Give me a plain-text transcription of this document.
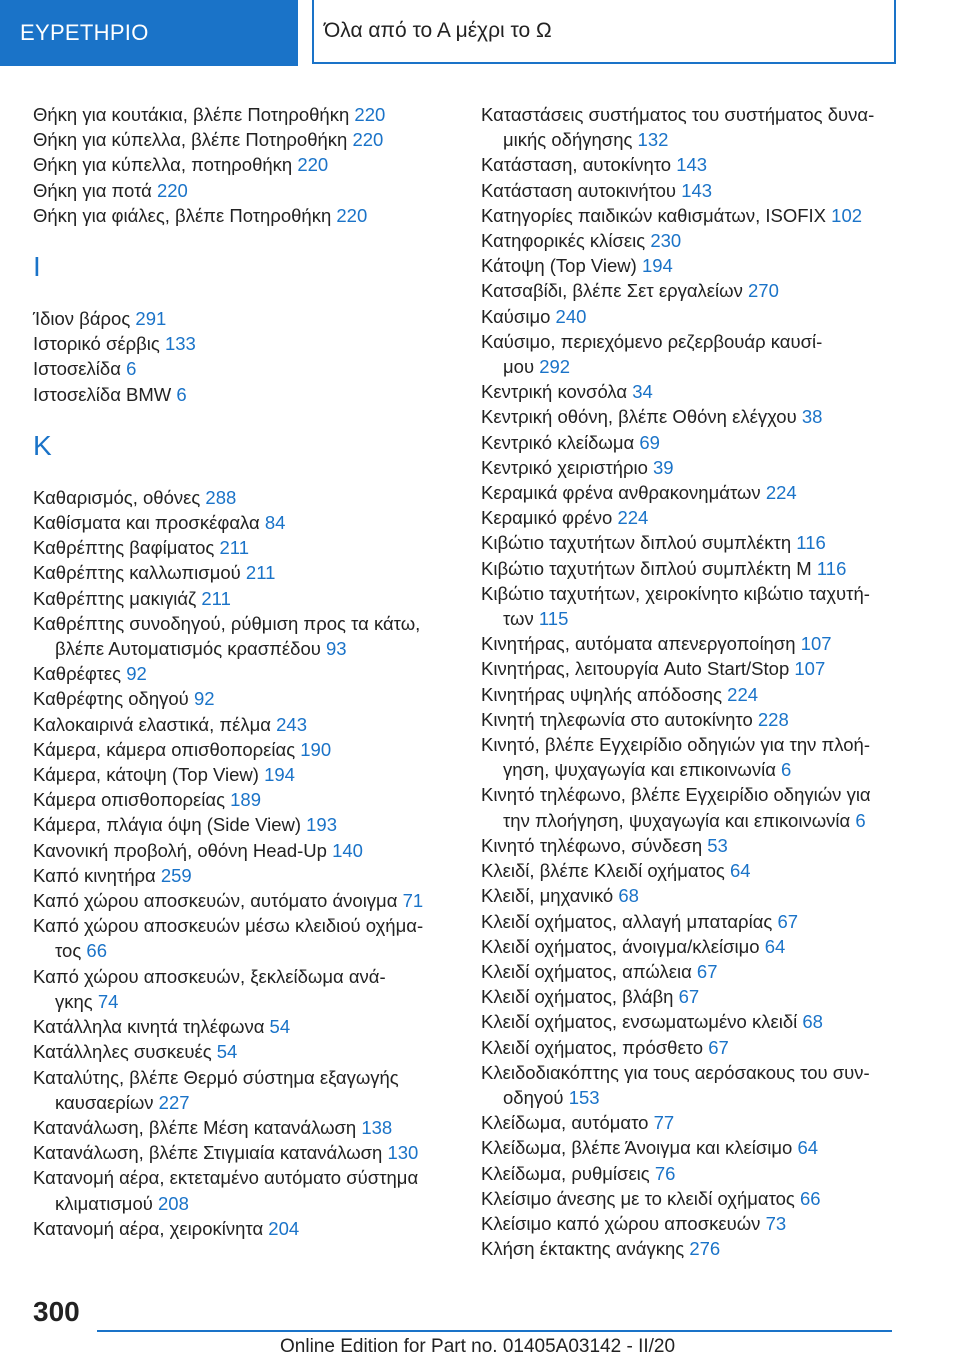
ΕΥΡΕΤΗΡΙΟ	Όλα από το Α μέχρι το Ω
Θήκη για κουτάκια, βλέπε Ποτηροθήκη 220
Θήκη για κύπελλα, βλέπε Ποτηροθήκη 220
Θήκη για κύπελλα, ποτηροθήκη 220
Θήκη για ποτά 220
Θήκη για φιάλες, βλέπε Ποτηροθήκη 220
Ι
Ίδιον βάρος 291
Ιστορικό σέρβις 133
Ιστοσελίδα 6
Ιστοσελίδα BMW 6
Κ
Καθαρισμός, οθόνες 288
Καθίσματα και προσκέφαλα 84
Καθρέπτης βαφίματος 211
Καθρέπτης καλλωπισμού 211
Καθρέπτης μακιγιάζ 211
Καθρέπτης συνοδηγού, ρύθμιση προς τα κάτω,
βλέπε Αυτοματισμός κρασπέδου 93
Καθρέφτες 92
Καθρέφτης οδηγού 92
Καλοκαιρινά ελαστικά, πέλμα 243
Κάμερα, κάμερα οπισθοπορείας 190
Κάμερα, κάτοψη (Top View) 194
Κάμερα οπισθοπορείας 189
Κάμερα, πλάγια όψη (Side View) 193
Κανονική προβολή, οθόνη Head-Up 140
Καπό κινητήρα 259
Καπό χώρου αποσκευών, αυτόματο άνοιγμα 71
Καπό χώρου αποσκευών μέσω κλειδιού οχήμα-
τος 66
Καπό χώρου αποσκευών, ξεκλείδωμα ανά-
γκης 74
Κατάλληλα κινητά τηλέφωνα 54
Κατάλληλες συσκευές 54
Καταλύτης, βλέπε Θερμό σύστημα εξαγωγής
καυσαερίων 227
Κατανάλωση, βλέπε Μέση κατανάλωση 138
Κατανάλωση, βλέπε Στιγμιαία κατανάλωση 130
Κατανομή αέρα, εκτεταμένο αυτόματο σύστημα
κλιματισμού 208
Κατανομή αέρα, χειροκίνητα 204
Καταστάσεις συστήματος του συστήματος δυνα-
μικής οδήγησης 132
Κατάσταση, αυτοκίνητο 143
Κατάσταση αυτοκινήτου 143
Κατηγορίες παιδικών καθισμάτων, ISOFIX 102
Κατηφορικές κλίσεις 230
Κάτοψη (Top View) 194
Κατσαβίδι, βλέπε Σετ εργαλείων 270
Καύσιμο 240
Καύσιμο, περιεχόμενο ρεζερβουάρ καυσί-
μου 292
Κεντρική κονσόλα 34
Κεντρική οθόνη, βλέπε Οθόνη ελέγχου 38
Κεντρικό κλείδωμα 69
Κεντρικό χειριστήριο 39
Κεραμικά φρένα ανθρακονημάτων 224
Κεραμικό φρένο 224
Κιβώτιο ταχυτήτων διπλού συμπλέκτη 116
Κιβώτιο ταχυτήτων διπλού συμπλέκτη M 116
Κιβώτιο ταχυτήτων, χειροκίνητο κιβώτιο ταχυτή-
των 115
Κινητήρας, αυτόματα απενεργοποίηση 107
Κινητήρας, λειτουργία Auto Start/Stop 107
Κινητήρας υψηλής απόδοσης 224
Κινητή τηλεφωνία στο αυτοκίνητο 228
Κινητό, βλέπε Εγχειρίδιο οδηγιών για την πλοή-
γηση, ψυχαγωγία και επικοινωνία 6
Κινητό τηλέφωνο, βλέπε Εγχειρίδιο οδηγιών για
την πλοήγηση, ψυχαγωγία και επικοινωνία 6
Κινητό τηλέφωνο, σύνδεση 53
Κλειδί, βλέπε Κλειδί οχήματος 64
Κλειδί, μηχανικό 68
Κλειδί οχήματος, αλλαγή μπαταρίας 67
Κλειδί οχήματος, άνοιγμα/κλείσιμο 64
Κλειδί οχήματος, απώλεια 67
Κλειδί οχήματος, βλάβη 67
Κλειδί οχήματος, ενσωματωμένο κλειδί 68
Κλειδί οχήματος, πρόσθετο 67
Κλειδοδιακόπτης για τους αερόσακους του συν-
οδηγού 153
Κλείδωμα, αυτόματο 77
Κλείδωμα, βλέπε Άνοιγμα και κλείσιμο 64
Κλείδωμα, ρυθμίσεις 76
Κλείσιμο άνεσης με το κλειδί οχήματος 66
Κλείσιμο καπό χώρου αποσκευών 73
Κλήση έκτακτης ανάγκης 276
300
Online Edition for Part no. 01405A03142 - II/20
